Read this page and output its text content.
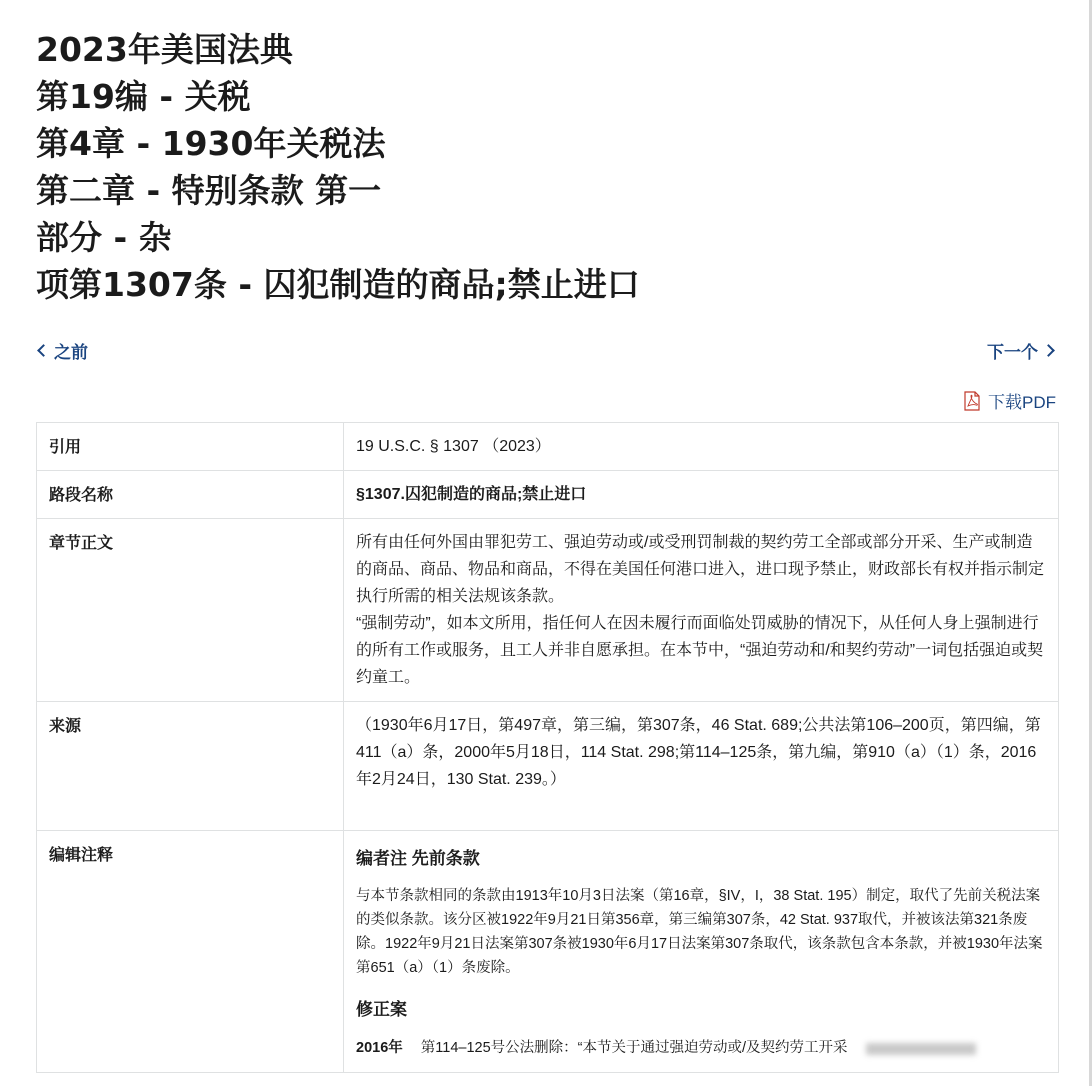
2023年美国法典
第19编 - 关税
第4章 - 1930年关税法
第二章 - 特别条款 第一
部分 - 杂
项第1307条 - 囚犯制造的商品;禁止进口
之前	下一个
下载PDF
引用	19 U.S.C. § 1307 （2023）
路段名称	§1307.囚犯制造的商品;禁止进口
章节正文	所有由任何外国由罪犯劳工、强迫劳动或/或受刑罚制裁的契约劳工全部或部分开采、生产或制造的商品、商品、物品和商品，不得在美国任何港口进入，进口现予禁止，财政部长有权并指示制定执行所需的相关法规该条款。
“强制劳动”，如本文所用，指任何人在因未履行而面临处罚威胁的情况下，从任何人身上强制进行的所有工作或服务，且工人并非自愿承担。在本节中，“强迫劳动和/和契约劳动”一词包括强迫或契约童工。

来源	（1930年6月17日，第497章，第三编，第307条，46 Stat. 689;公共法第106–200页，第四编，第411（a）条，2000年5月18日，114 Stat. 298;第114–125条，第九编，第910（a）（1）条，2016年2月24日，130 Stat. 239。）
编辑注释	编者注 先前条款
与本节条款相同的条款由1913年10月3日法案（第16章，§IV，I，38 Stat. 195）制定，取代了先前关税法案的类似条款。该分区被1922年9月21日第356章，第三编第307条，42 Stat. 937取代，并被该法第321条废除。1922年9月21日法案第307条被1930年6月17日法案第307条取代，该条款包含本条款，并被1930年法案第651（a）（1）条废除。
修正案
2016年 第114–125号公法删除：“本节关于通过强迫劳动或/及契约劳工开采
